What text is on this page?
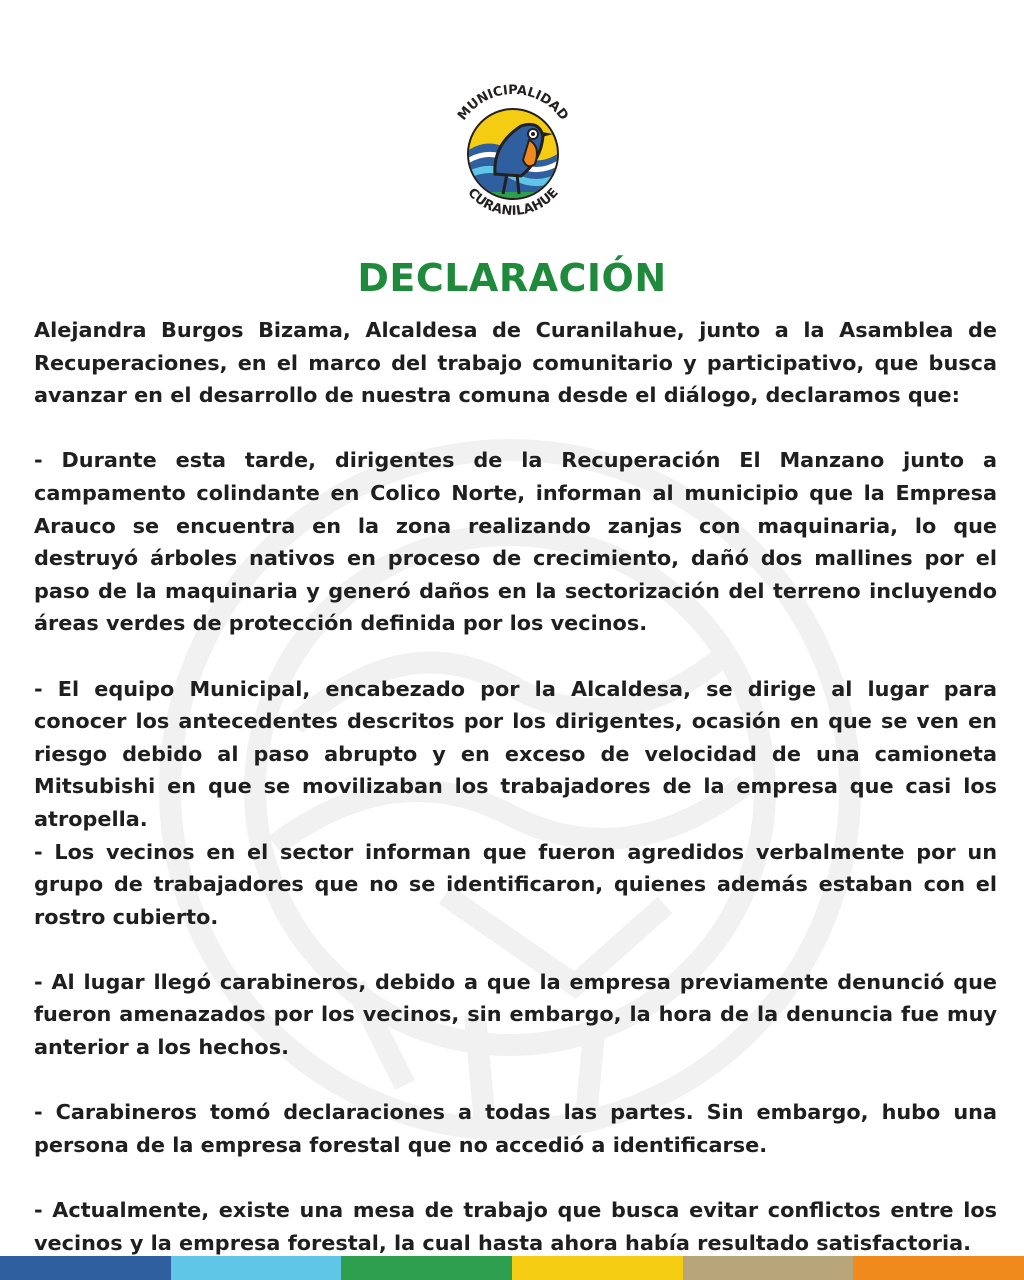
MUNICIPALIDAD
CURANILAHUE
DECLARACIÓN

Alejandra Burgos Bizama, Alcaldesa de Curanilahue, junto a la Asamblea de Recuperaciones, en el marco del trabajo comunitario y participativo, que busca avanzar en el desarrollo de nuestra comuna desde el diálogo, declaramos que:

- Durante esta tarde, dirigentes de la Recuperación El Manzano junto a campamento colindante en Colico Norte, informan al municipio que la Empresa Arauco se encuentra en la zona realizando zanjas con maquinaria, lo que destruyó árboles nativos en proceso de crecimiento, dañó dos mallines por el paso de la maquinaria y generó daños en la sectorización del terreno incluyendo áreas verdes de protección definida por los vecinos.

- El equipo Municipal, encabezado por la Alcaldesa, se dirige al lugar para conocer los antecedentes descritos por los dirigentes, ocasión en que se ven en riesgo debido al paso abrupto y en exceso de velocidad de una camioneta Mitsubishi en que se movilizaban los trabajadores de la empresa que casi los atropella.

- Los vecinos en el sector informan que fueron agredidos verbalmente por un grupo de trabajadores que no se identificaron, quienes además estaban con el rostro cubierto.

- Al lugar llegó carabineros, debido a que la empresa previamente denunció que fueron amenazados por los vecinos, sin embargo, la hora de la denuncia fue muy anterior a los hechos.

- Carabineros tomó declaraciones a todas las partes. Sin embargo, hubo una persona de la empresa forestal que no accedió a identificarse.

- Actualmente, existe una mesa de trabajo que busca evitar conflictos entre los vecinos y la empresa forestal, la cual hasta ahora había resultado satisfactoria.
